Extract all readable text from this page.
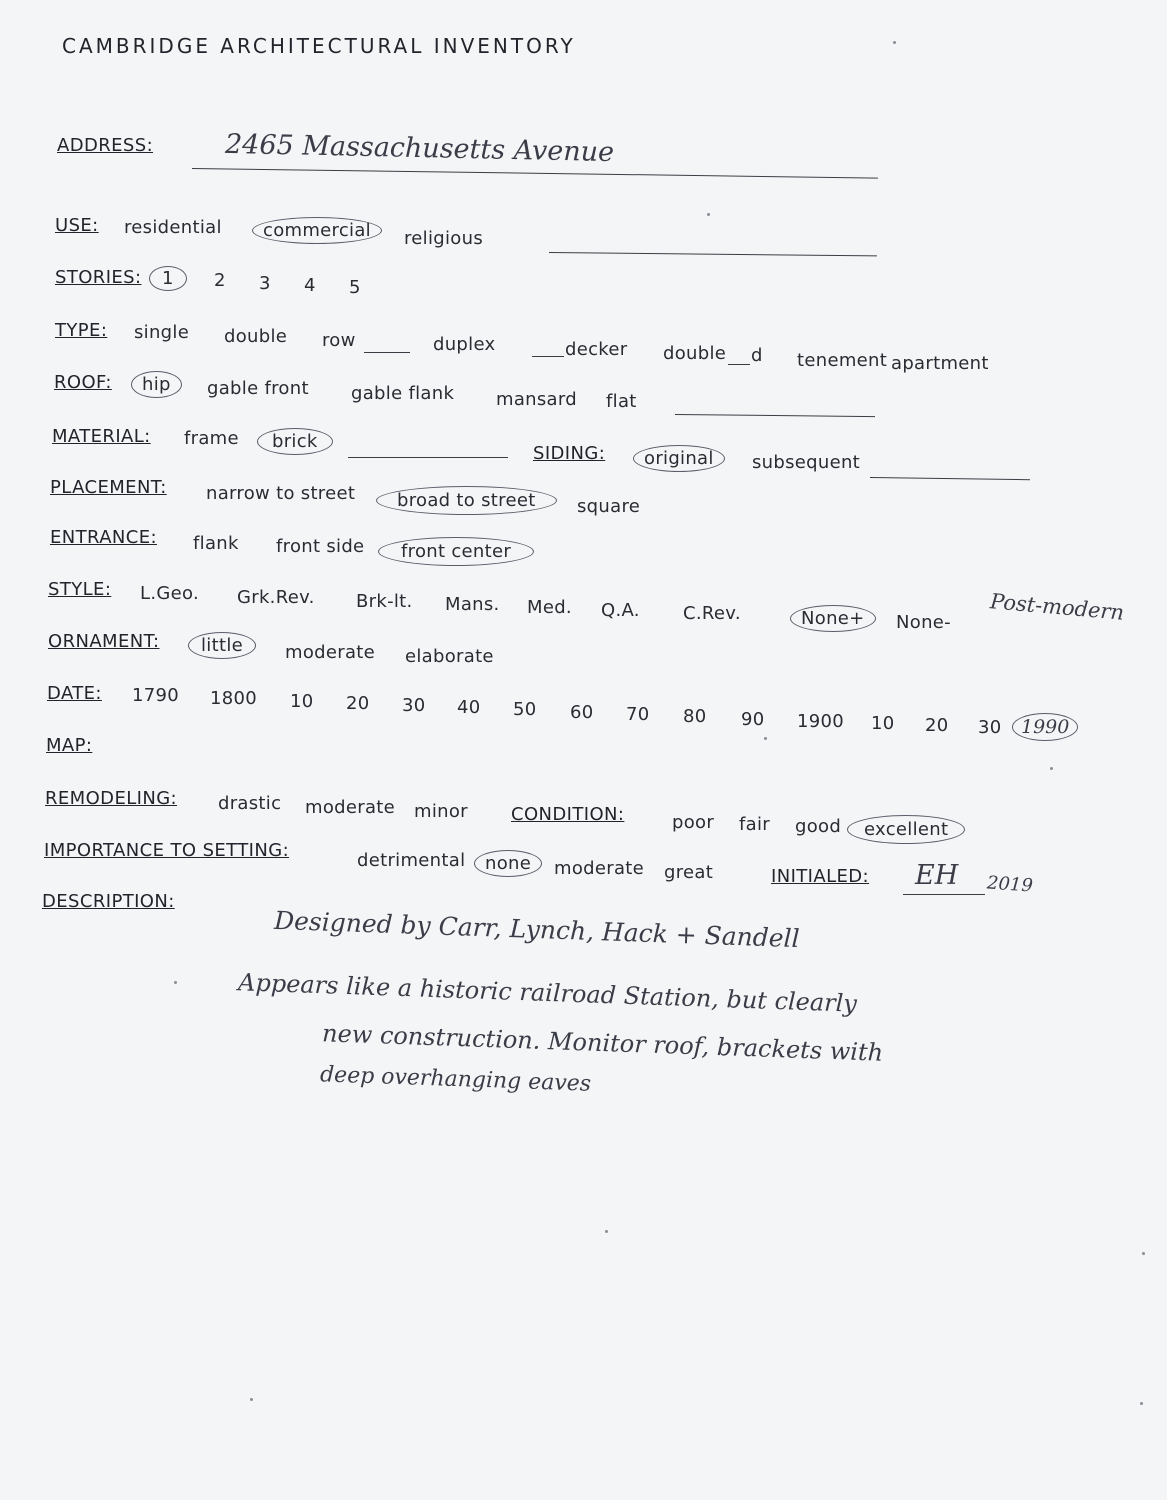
CAMBRIDGE ARCHITECTURAL INVENTORY
ADDRESS:	2465 Massachusetts Avenue
USE: residential	commercial	religious
STORIES:	1	2 3 4 5
TYPE: single double row	duplex	decker double d tenement apartment
ROOF:	hip	gable front gable flank mansard flat
MATERIAL: frame	brick
SIDING:	original	subsequent
PLACEMENT: narrow to street	broad to street	square
ENTRANCE: flank front side	front center
STYLE: L.Geo. Grk.Rev. Brk-lt. Mans. Med. Q.A. C.Rev.	None+	None- Post-modern
ORNAMENT:	little	moderate elaborate
DATE: 1790 1800 10 20 30 40 50 60 70 80 90 1900 10 20 30	1990
MAP:
REMODELING: drastic moderate minor CONDITION:	poor fair good	excellent
IMPORTANCE TO SETTING:	detrimental	none	moderate great	INITIALED: EH 2019
DESCRIPTION:
Designed by Carr, Lynch, Hack + Sandell
Appears like a historic railroad Station, but clearly
new construction. Monitor roof, brackets with
deep overhanging eaves
